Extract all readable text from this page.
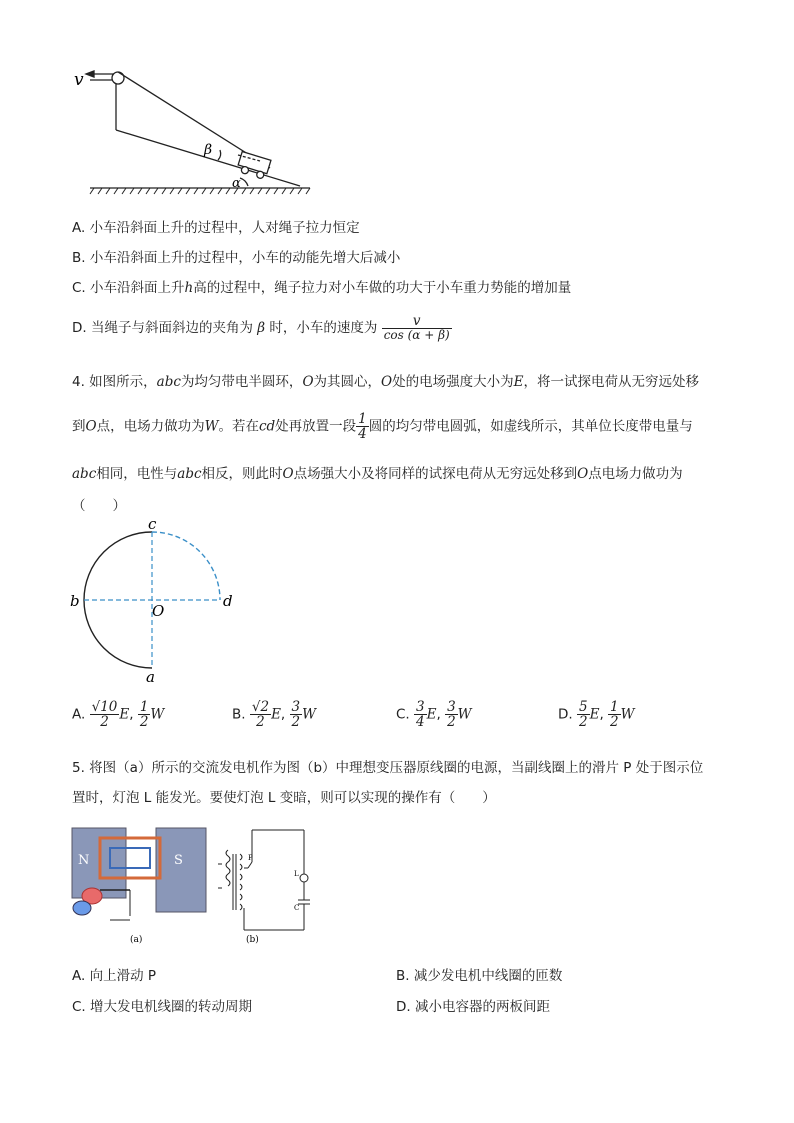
v
β
α
A. 小车沿斜面上升的过程中，人对绳子拉力恒定
B. 小车沿斜面上升的过程中，小车的动能先增大后减小
C. 小车沿斜面上升h高的过程中，绳子拉力对小车做的功大于小车重力势能的增加量
D. 当绳子与斜面斜边的夹角为 β 时，小车的速度为 $\frac{v}{\cos (\alpha + \beta)}$
4. 如图所示，abc为均匀带电半圆环，O为其圆心，O处的电场强度大小为E，将一试探电荷从无穷远处移
到O点，电场力做功为W。若在cd处再放置一段 $\frac{1}{4}$ 圆的均匀带电圆弧，如虚线所示，其单位长度带电量与
abc相同，电性与abc相反，则此时O点场强大小及将同样的试探电荷从无穷远处移到O点电场力做功为
（　　）
c
b
O
d
a
A. $\frac{√10}{2} E$, $\frac{1}{2}$ W	B. $\frac{√2}{2} E$, $\frac{3}{2}$ W	C. $\frac{3}{4} E$, $\frac{3}{2}$ W	D. $\frac{5}{2} E$, $\frac{1}{2}$ W
5. 将图（a）所示的交流发电机作为图（b）中理想变压器原线圈的电源，当副线圈上的滑片 P 处于图示位
置时，灯泡 L 能发光。要使灯泡 L 变暗，则可以实现的操作有（　　）
N	S
(a)
P
L
C
(b)
A. 向上滑动 P	B. 减少发电机中线圈的匝数
C. 增大发电机线圈的转动周期	D. 减小电容器的两板间距
